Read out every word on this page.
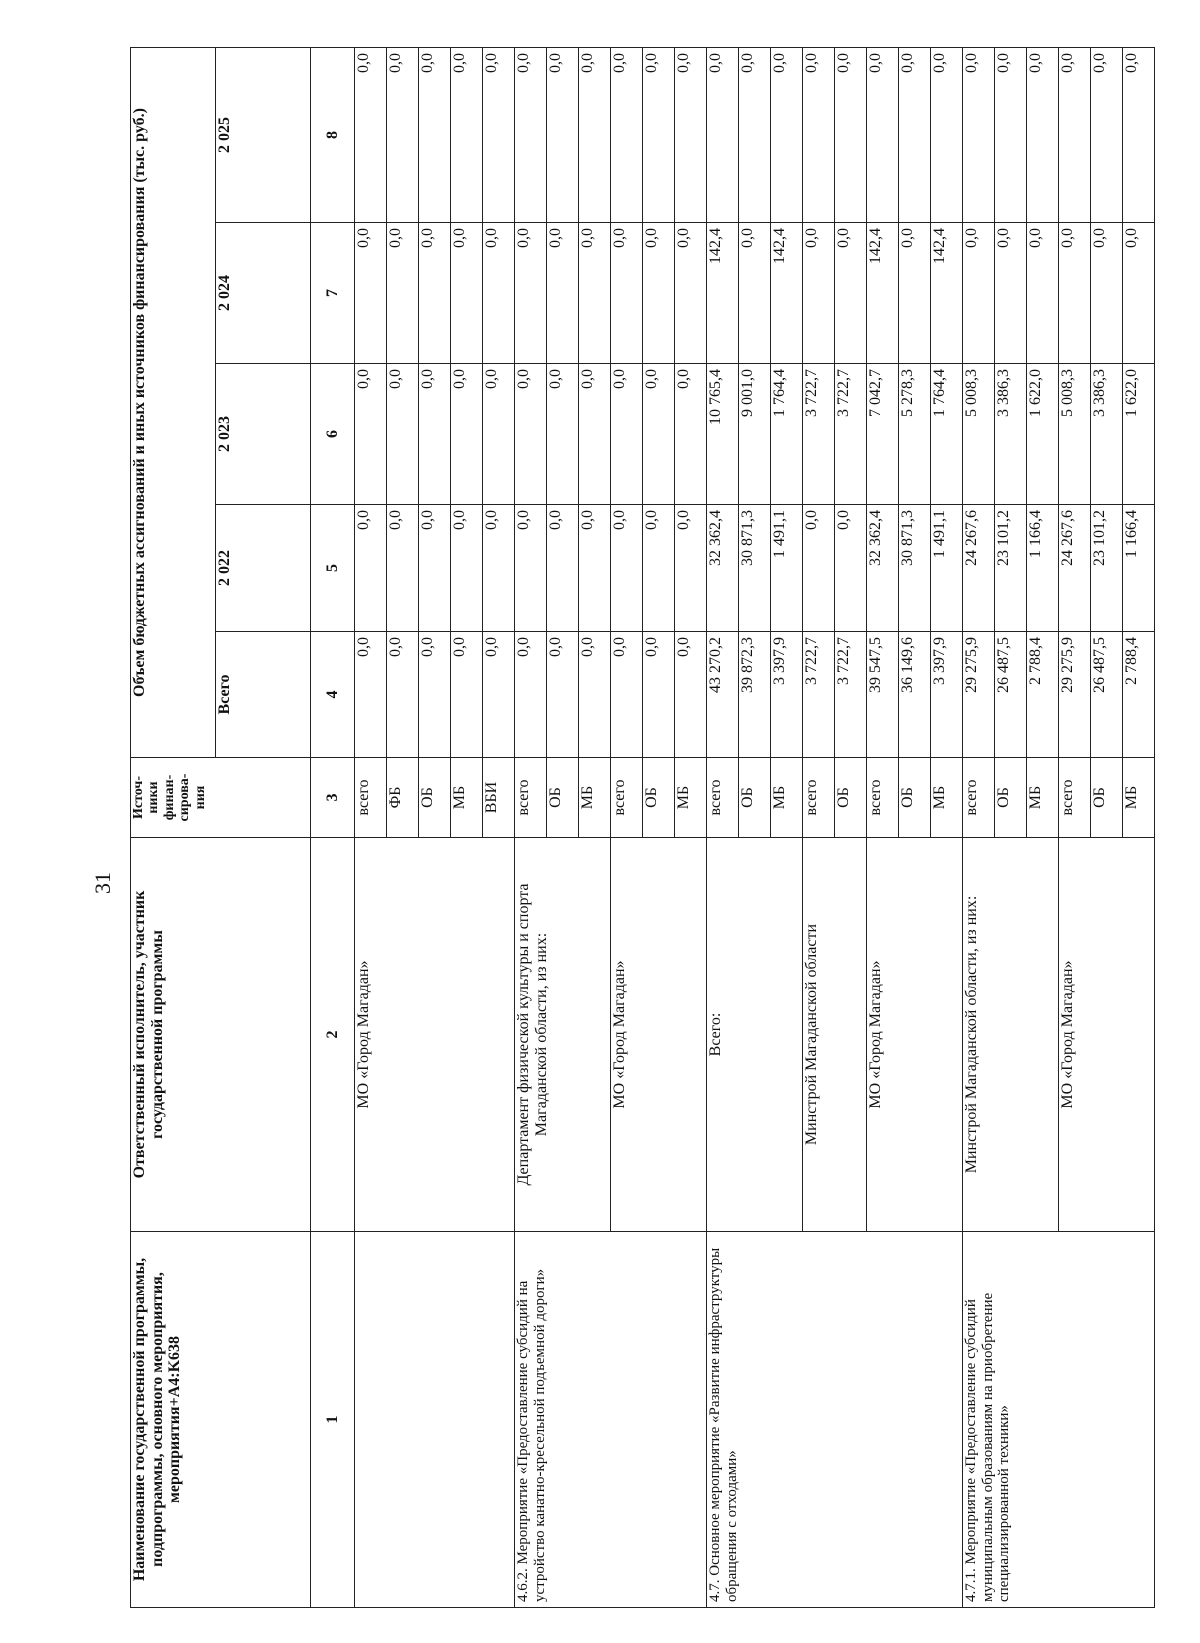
31
Наименование государственной программы, подпрограммы, основного мероприятия, мероприятия+A4:K638	Ответственный исполнитель, участник государственной программы	Источ-ники финан-сирова-ния	Объем бюджетных ассигнований и иных источников финансирования (тыс. руб.)				
			Всего	2 022	2 023	2 024	2 025
1	2	3	4	5	6	7	8
	МО «Город Магадан»	всего	0,0	0,0	0,0	0,0	0,0
		ФБ	0,0	0,0	0,0	0,0	0,0
		ОБ	0,0	0,0	0,0	0,0	0,0
		МБ	0,0	0,0	0,0	0,0	0,0
		ВБИ	0,0	0,0	0,0	0,0	0,0
4.6.2. Мероприятие «Предоставление субсидий на устройство канатно-кресельной подъемной дороги»	Департамент физической культуры и спорта Магаданской области, из них:	всего	0,0	0,0	0,0	0,0	0,0
		ОБ	0,0	0,0	0,0	0,0	0,0
		МБ	0,0	0,0	0,0	0,0	0,0
	МО «Город Магадан»	всего	0,0	0,0	0,0	0,0	0,0
		ОБ	0,0	0,0	0,0	0,0	0,0
		МБ	0,0	0,0	0,0	0,0	0,0
4.7. Основное мероприятие «Развитие инфраструктуры обращения с отходами»	Всего:	всего	43 270,2	32 362,4	10 765,4	142,4	0,0
		ОБ	39 872,3	30 871,3	9 001,0	0,0	0,0
		МБ	3 397,9	1 491,1	1 764,4	142,4	0,0
	Минстрой Магаданской области	всего	3 722,7	0,0	3 722,7	0,0	0,0
		ОБ	3 722,7	0,0	3 722,7	0,0	0,0
	МО «Город Магадан»	всего	39 547,5	32 362,4	7 042,7	142,4	0,0
		ОБ	36 149,6	30 871,3	5 278,3	0,0	0,0
		МБ	3 397,9	1 491,1	1 764,4	142,4	0,0
4.7.1. Мероприятие «Предоставление субсидий муниципальным образованиям на приобретение специализированной техники»	Минстрой Магаданской области, из них:	всего	29 275,9	24 267,6	5 008,3	0,0	0,0
		ОБ	26 487,5	23 101,2	3 386,3	0,0	0,0
		МБ	2 788,4	1 166,4	1 622,0	0,0	0,0
	МО «Город Магадан»	всего	29 275,9	24 267,6	5 008,3	0,0	0,0
		ОБ	26 487,5	23 101,2	3 386,3	0,0	0,0
		МБ	2 788,4	1 166,4	1 622,0	0,0	0,0
